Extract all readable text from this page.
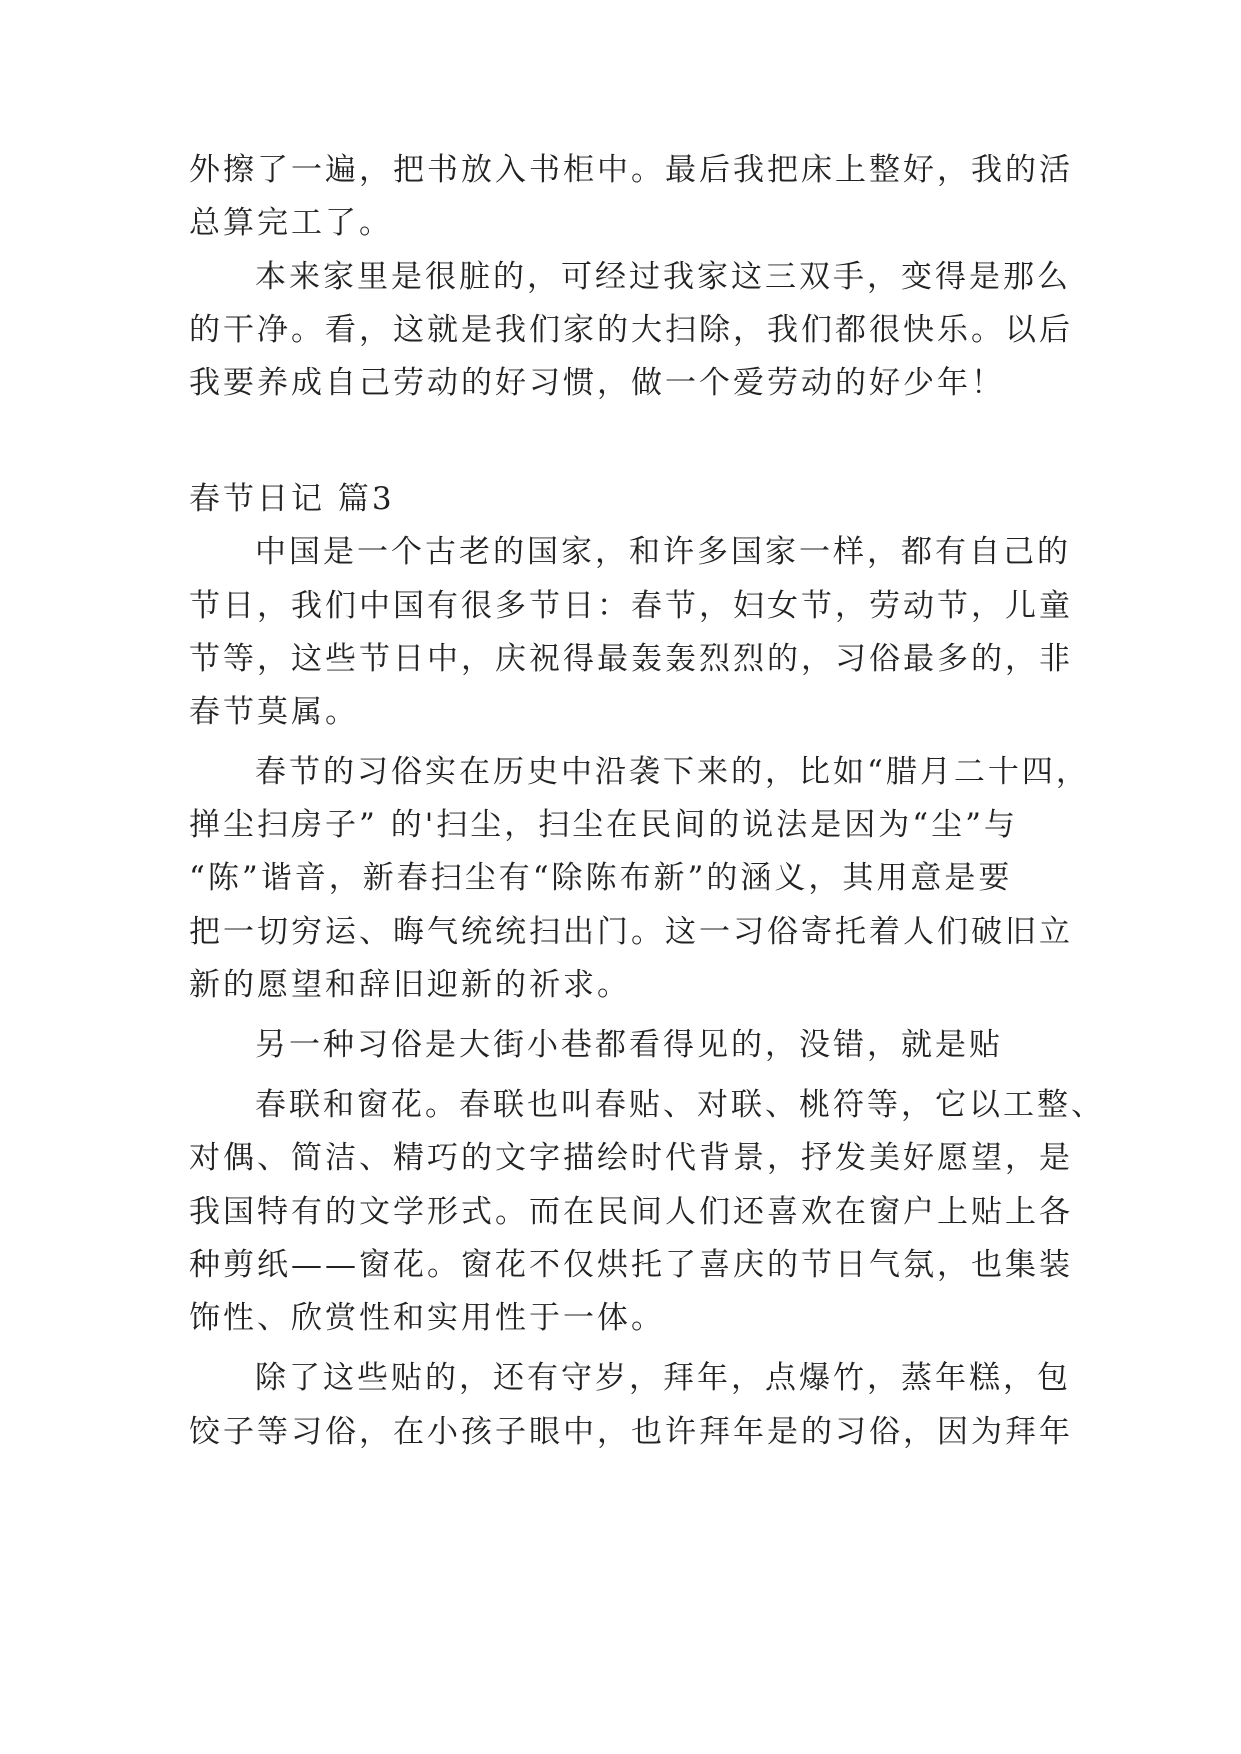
外擦了一遍，把书放入书柜中。最后我把床上整好，我的活
总算完工了。
本来家里是很脏的，可经过我家这三双手，变得是那么
的干净。看，这就是我们家的大扫除，我们都很快乐。以后
我要养成自己劳动的好习惯，做一个爱劳动的好少年！
春节日记 篇3
中国是一个古老的国家，和许多国家一样，都有自己的
节日，我们中国有很多节日：春节，妇女节，劳动节，儿童
节等，这些节日中，庆祝得最轰轰烈烈的，习俗最多的，非
春节莫属。
春节的习俗实在历史中沿袭下来的，比如“腊月二十四，
掸尘扫房子” 的'扫尘，扫尘在民间的说法是因为“尘”与
“陈”谐音，新春扫尘有“除陈布新”的涵义，其用意是要
把一切穷运、晦气统统扫出门。这一习俗寄托着人们破旧立
新的愿望和辞旧迎新的祈求。
另一种习俗是大街小巷都看得见的，没错，就是贴
春联和窗花。春联也叫春贴、对联、桃符等，它以工整、
对偶、简洁、精巧的文字描绘时代背景，抒发美好愿望，是
我国特有的文学形式。而在民间人们还喜欢在窗户上贴上各
种剪纸——窗花。窗花不仅烘托了喜庆的节日气氛，也集装
饰性、欣赏性和实用性于一体。
除了这些贴的，还有守岁，拜年，点爆竹，蒸年糕，包
饺子等习俗，在小孩子眼中，也许拜年是的习俗，因为拜年
